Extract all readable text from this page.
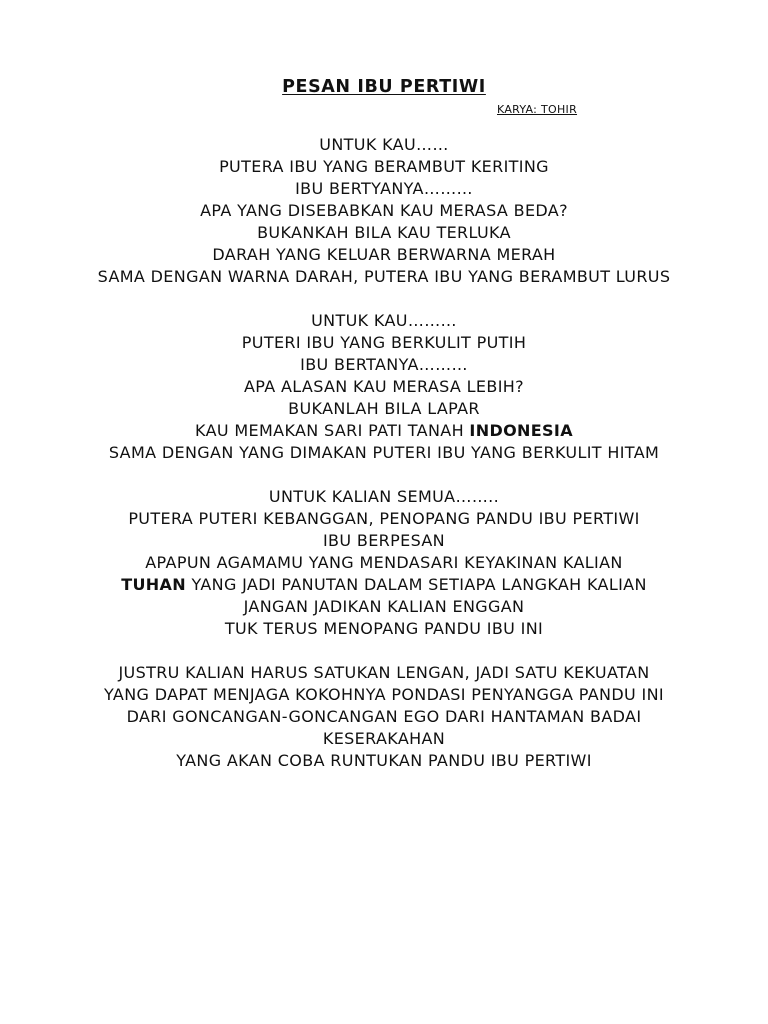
PESAN IBU PERTIWI
KARYA: TOHIR
UNTUK KAU……
PUTERA IBU YANG BERAMBUT KERITING
IBU BERTYANYA………
APA YANG DISEBABKAN KAU MERASA BEDA?
BUKANKAH BILA KAU TERLUKA
DARAH YANG KELUAR BERWARNA MERAH
SAMA DENGAN WARNA DARAH, PUTERA IBU YANG BERAMBUT LURUS
UNTUK KAU………
PUTERI IBU YANG BERKULIT PUTIH
IBU BERTANYA………
APA ALASAN KAU MERASA LEBIH?
BUKANLAH BILA LAPAR
KAU MEMAKAN SARI PATI TANAH INDONESIA
SAMA DENGAN YANG DIMAKAN PUTERI IBU YANG BERKULIT HITAM
UNTUK KALIAN SEMUA……..
PUTERA PUTERI KEBANGGAN, PENOPANG PANDU IBU PERTIWI
IBU BERPESAN
APAPUN AGAMAMU YANG MENDASARI KEYAKINAN KALIAN
TUHAN YANG JADI PANUTAN DALAM SETIAPA LANGKAH KALIAN
JANGAN JADIKAN KALIAN ENGGAN
TUK TERUS MENOPANG PANDU IBU INI
JUSTRU KALIAN HARUS SATUKAN LENGAN, JADI SATU KEKUATAN
YANG DAPAT MENJAGA KOKOHNYA PONDASI PENYANGGA PANDU INI
DARI GONCANGAN-GONCANGAN EGO DARI HANTAMAN BADAI KESERAKAHAN
YANG AKAN COBA RUNTUKAN PANDU IBU PERTIWI
